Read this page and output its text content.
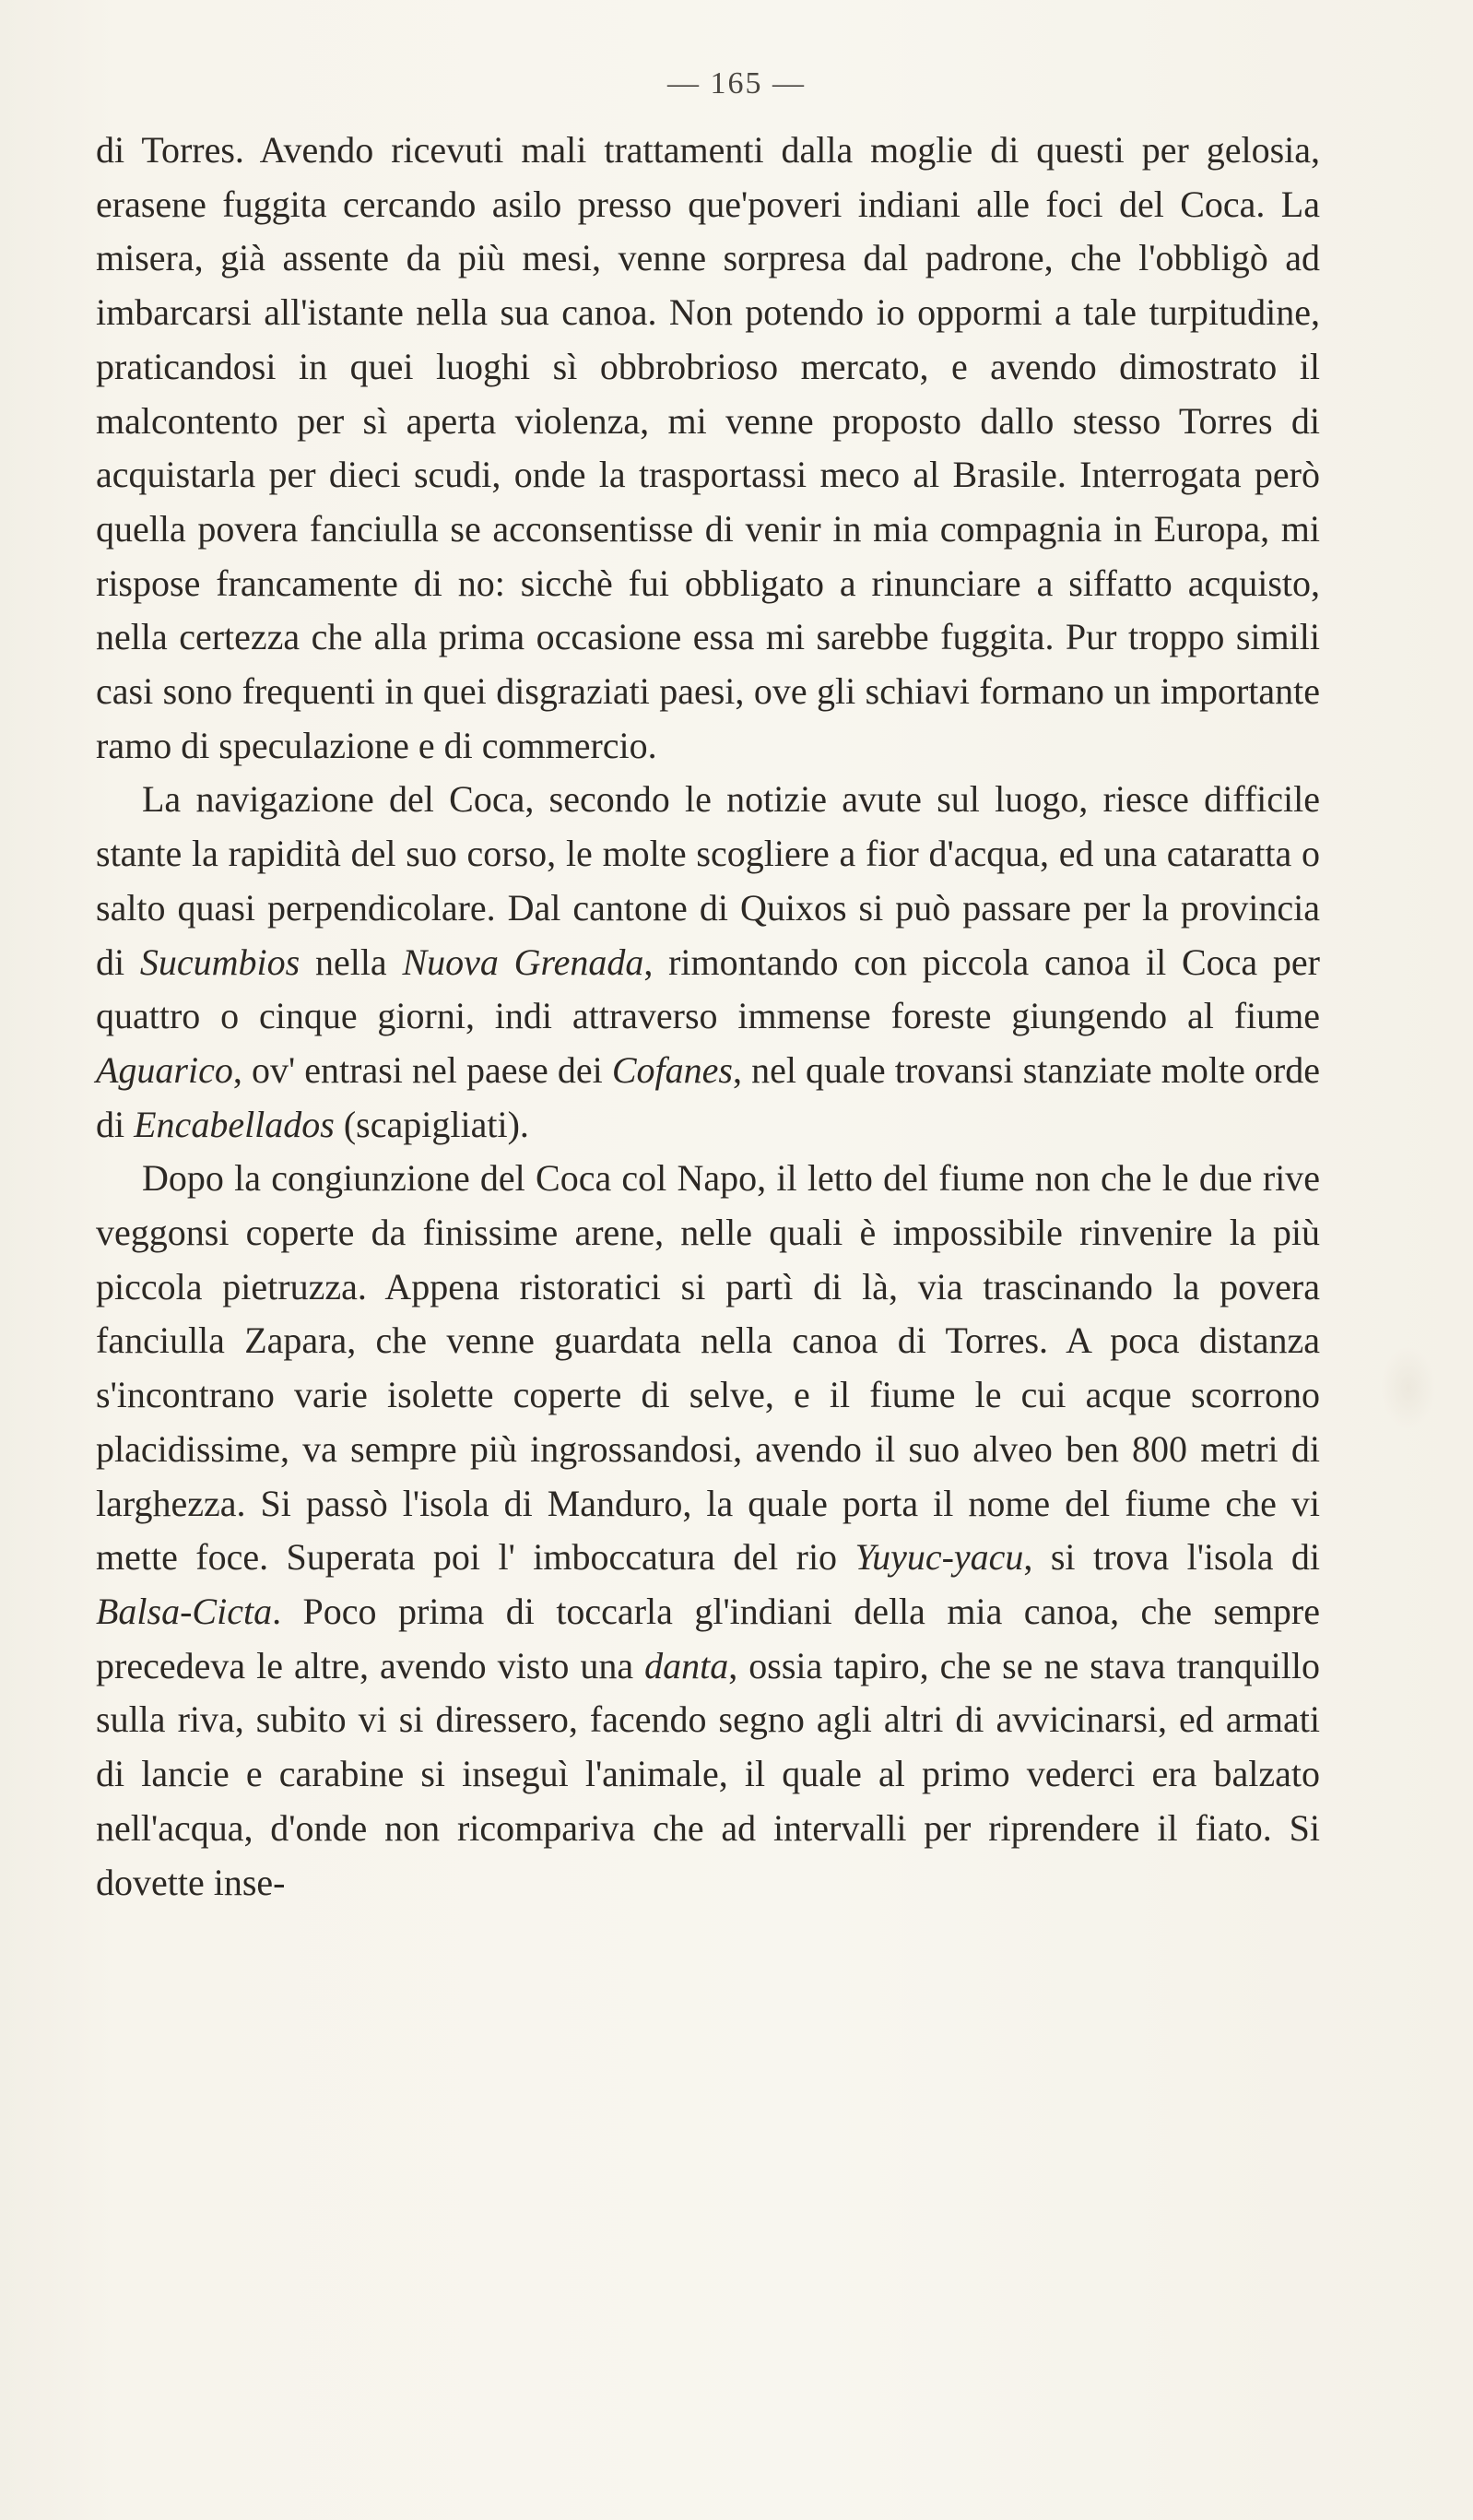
— 165 —

di Torres. Avendo ricevuti mali trattamenti dalla moglie di questi per gelosia, erasene fuggita cercando asilo presso que'poveri indiani alle foci del Coca. La misera, già assente da più mesi, venne sorpresa dal padrone, che l'obbligò ad imbarcarsi all'istante nella sua canoa. Non potendo io oppormi a tale turpitudine, praticandosi in quei luoghi sì obbrobrioso mercato, e avendo dimostrato il malcontento per sì aperta violenza, mi venne proposto dallo stesso Torres di acquistarla per dieci scudi, onde la trasportassi meco al Brasile. Interrogata però quella povera fanciulla se acconsentisse di venir in mia compagnia in Europa, mi rispose francamente di no: sicchè fui obbligato a rinunciare a siffatto acquisto, nella certezza che alla prima occasione essa mi sarebbe fuggita. Pur troppo simili casi sono frequenti in quei disgraziati paesi, ove gli schiavi formano un importante ramo di speculazione e di commercio.

La navigazione del Coca, secondo le notizie avute sul luogo, riesce difficile stante la rapidità del suo corso, le molte scogliere a fior d'acqua, ed una cataratta o salto quasi perpendicolare. Dal cantone di Quixos si può passare per la provincia di Sucumbios nella Nuova Grenada, rimontando con piccola canoa il Coca per quattro o cinque giorni, indi attraverso immense foreste giungendo al fiume Aguarico, ov' entrasi nel paese dei Cofanes, nel quale trovansi stanziate molte orde di Encabellados (scapigliati).

Dopo la congiunzione del Coca col Napo, il letto del fiume non che le due rive veggonsi coperte da finissime arene, nelle quali è impossibile rinvenire la più piccola pietruzza. Appena ristoratici si partì di là, via trascinando la povera fanciulla Zapara, che venne guardata nella canoa di Torres. A poca distanza s'incontrano varie isolette coperte di selve, e il fiume le cui acque scorrono placidissime, va sempre più ingrossandosi, avendo il suo alveo ben 800 metri di larghezza. Si passò l'isola di Manduro, la quale porta il nome del fiume che vi mette foce. Superata poi l' imboccatura del rio Yuyuc-yacu, si trova l'isola di Balsa-Cicta. Poco prima di toccarla gl'indiani della mia canoa, che sempre precedeva le altre, avendo visto una danta, ossia tapiro, che se ne stava tranquillo sulla riva, subito vi si diressero, facendo segno agli altri di avvicinarsi, ed armati di lancie e carabine si inseguì l'animale, il quale al primo vederci era balzato nell'acqua, d'onde non ricompariva che ad intervalli per riprendere il fiato. Si dovette inse-
